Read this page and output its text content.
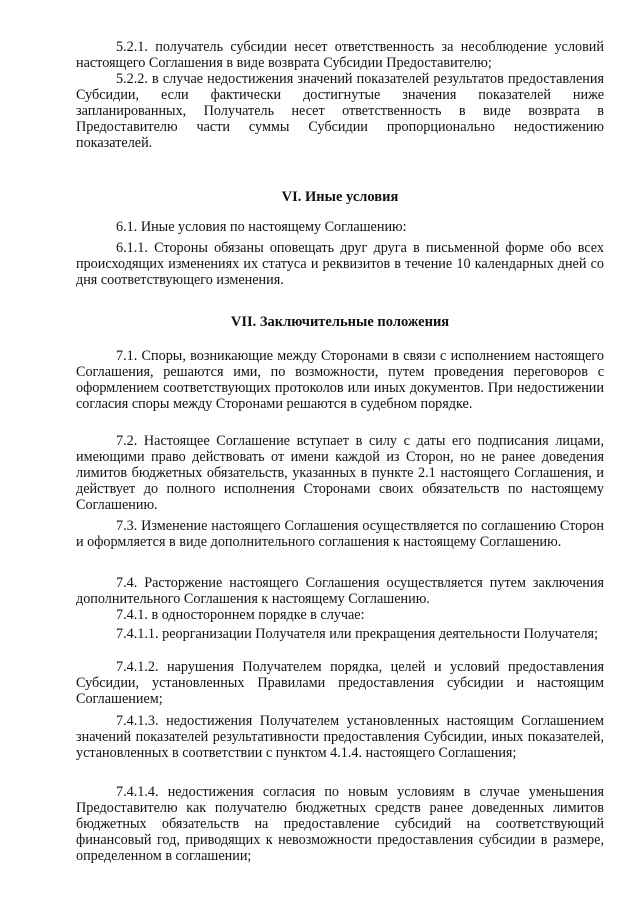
5.2.1. получатель субсидии несет ответственность за несоблюдение условий настоящего Соглашения в виде возврата Субсидии Предоставителю;

5.2.2. в случае недостижения значений показателей результатов предоставления Субсидии, если фактически достигнутые значения показателей ниже запланированных, Получатель несет ответственность в виде возврата в Предоставителю части суммы Субсидии пропорционально недостижению показателей.

VI. Иные условия

6.1. Иные условия по настоящему Соглашению:

6.1.1. Стороны обязаны оповещать друг друга в письменной форме обо всех происходящих изменениях их статуса и реквизитов в течение 10 календарных дней со дня соответствующего изменения.

VII. Заключительные положения

7.1. Споры, возникающие между Сторонами в связи с исполнением настоящего Соглашения, решаются ими, по возможности, путем проведения переговоров с оформлением соответствующих протоколов или иных документов. При недостижении согласия споры между Сторонами решаются в судебном порядке.

7.2. Настоящее Соглашение вступает в силу с даты его подписания лицами, имеющими право действовать от имени каждой из Сторон, но не ранее доведения лимитов бюджетных обязательств, указанных в пункте 2.1 настоящего Соглашения, и действует до полного исполнения Сторонами своих обязательств по настоящему Соглашению.

7.3. Изменение настоящего Соглашения осуществляется по соглашению Сторон и оформляется в виде дополнительного соглашения к настоящему Соглашению.

7.4. Расторжение настоящего Соглашения осуществляется путем заключения дополнительного Соглашения к настоящему Соглашению.

7.4.1. в одностороннем порядке в случае:

7.4.1.1. реорганизации Получателя или прекращения деятельности Получателя;

7.4.1.2. нарушения Получателем порядка, целей и условий предоставления Субсидии, установленных Правилами предоставления субсидии и настоящим Соглашением;

7.4.1.3. недостижения Получателем установленных настоящим Соглашением значений показателей результативности предоставления Субсидии, иных показателей, установленных в соответствии с пунктом 4.1.4. настоящего Соглашения;

7.4.1.4. недостижения согласия по новым условиям в случае уменьшения Предоставителю как получателю бюджетных средств ранее доведенных лимитов бюджетных обязательств на предоставление субсидий на соответствующий финансовый год, приводящих к невозможности предоставления субсидии в размере, определенном в соглашении;
